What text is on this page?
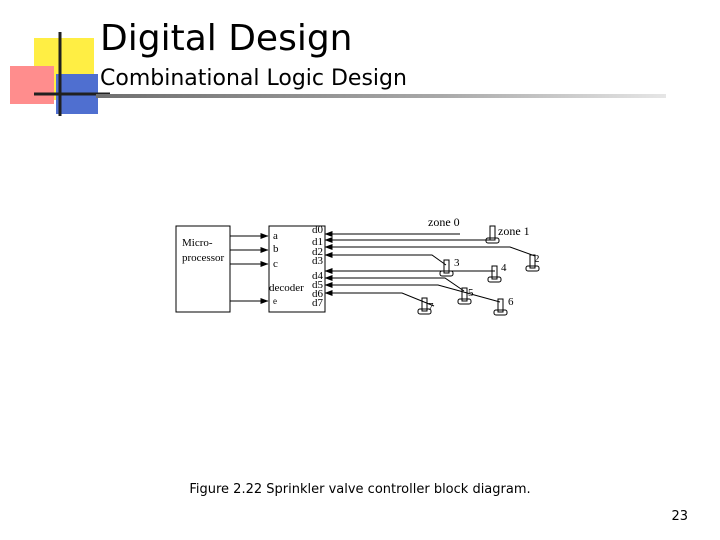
Digital Design
Combinational Logic Design
Micro-
processor
a
b
c
decoder
e
d0
d1
d2
d3
d4
d5
d6
d7
zone 0
zone 1
2
3	4
5
6
7
Figure 2.22 Sprinkler valve controller block diagram.
23
